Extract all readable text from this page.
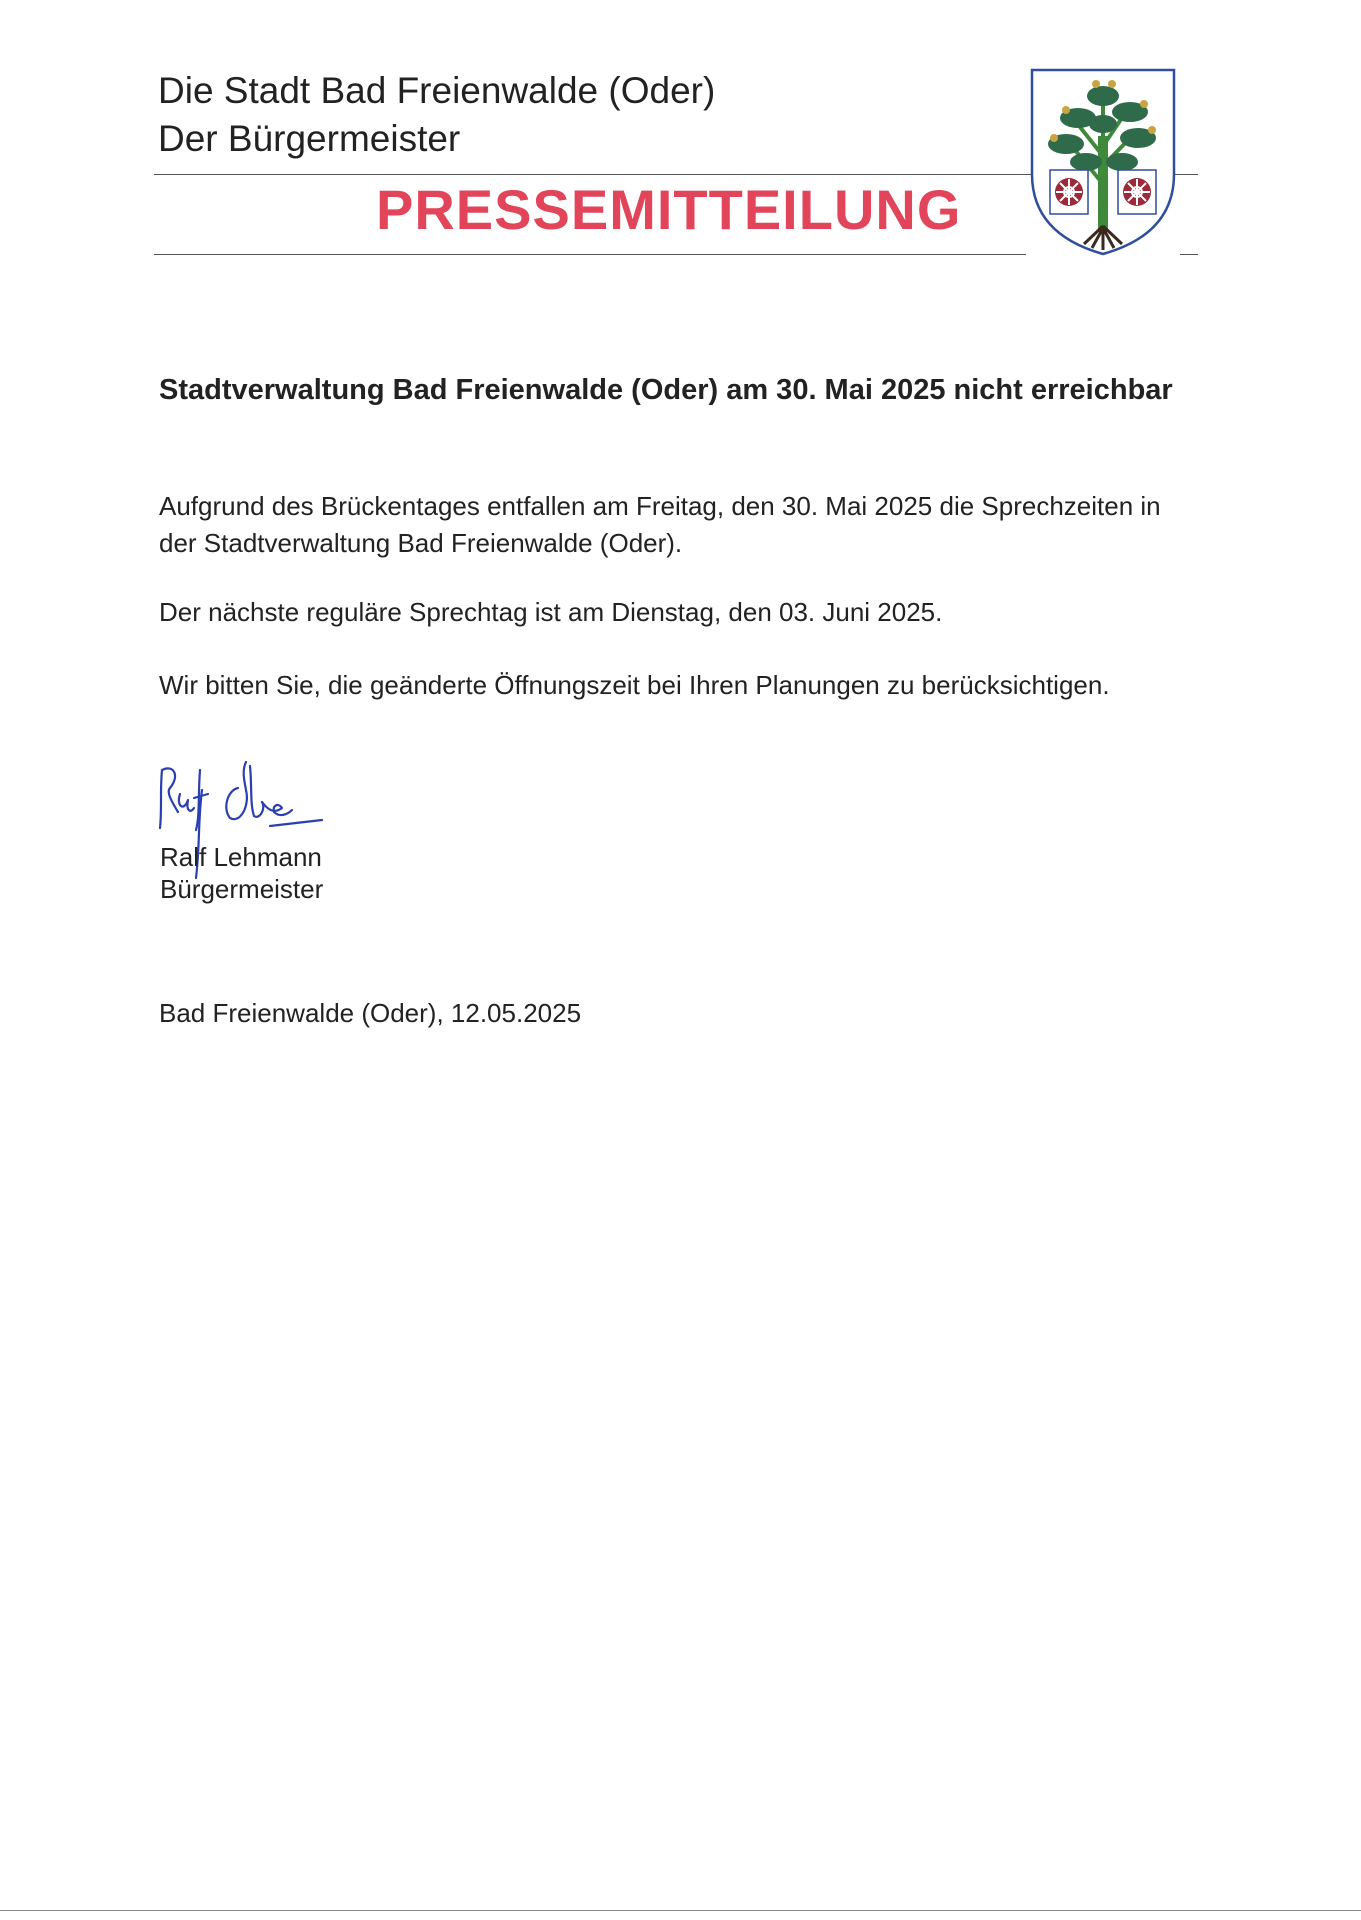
Die Stadt Bad Freienwalde (Oder)
Der Bürgermeister
PRESSEMITTEILUNG
Stadtverwaltung Bad Freienwalde (Oder) am 30. Mai 2025 nicht erreichbar
Aufgrund des Brückentages entfallen am Freitag, den 30. Mai 2025 die Sprechzeiten in der Stadtverwaltung Bad Freienwalde (Oder).
Der nächste reguläre Sprechtag ist am Dienstag, den 03. Juni 2025.
Wir bitten Sie, die geänderte Öffnungszeit bei Ihren Planungen zu berücksichtigen.
Ralf Lehmann
Bürgermeister
Bad Freienwalde (Oder), 12.05.2025
